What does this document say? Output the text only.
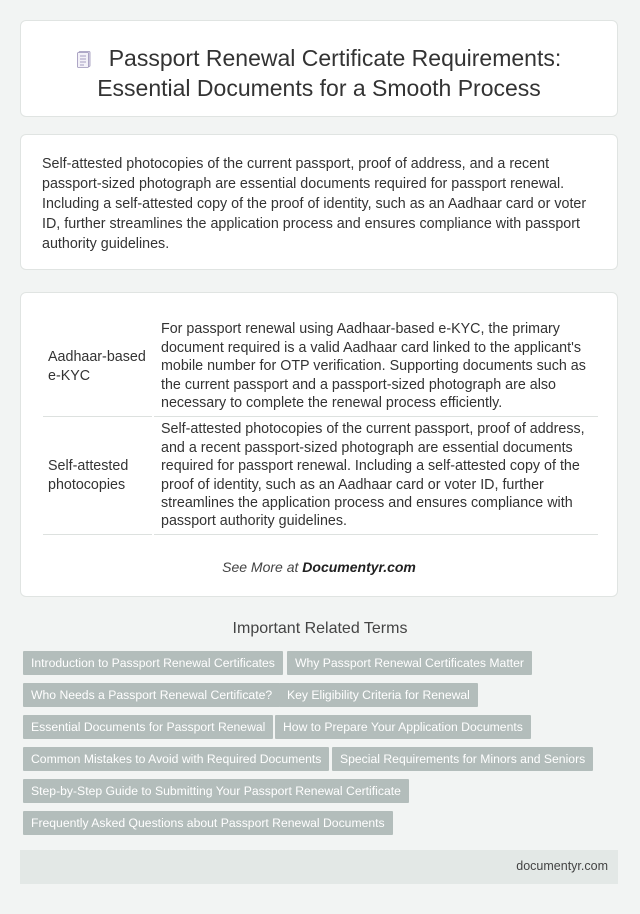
Passport Renewal Certificate Requirements:
Essential Documents for a Smooth Process

Self-attested photocopies of the current passport, proof of address, and a recent passport-sized photograph are essential documents required for passport renewal. Including a self-attested copy of the proof of identity, such as an Aadhaar card or voter ID, further streamlines the application process and ensures compliance with passport authority guidelines.

Aadhaar-based e-KYC		For passport renewal using Aadhaar-based e-KYC, the primary document required is a valid Aadhaar card linked to the applicant's mobile number for OTP verification. Supporting documents such as the current passport and a passport-sized photograph are also necessary to complete the renewal process efficiently.
Self-attested photocopies		Self-attested photocopies of the current passport, proof of address, and a recent passport-sized photograph are essential documents required for passport renewal. Including a self-attested copy of the proof of identity, such as an Aadhaar card or voter ID, further streamlines the application process and ensures compliance with passport authority guidelines.
See More at Documentyr.com
Important Related Terms
Introduction to Passport Renewal Certificates	Why Passport Renewal Certificates Matter
Who Needs a Passport Renewal Certificate?	Key Eligibility Criteria for Renewal
Essential Documents for Passport Renewal	How to Prepare Your Application Documents
Common Mistakes to Avoid with Required Documents	Special Requirements for Minors and Seniors
Step-by-Step Guide to Submitting Your Passport Renewal Certificate
Frequently Asked Questions about Passport Renewal Documents
documentyr.com
